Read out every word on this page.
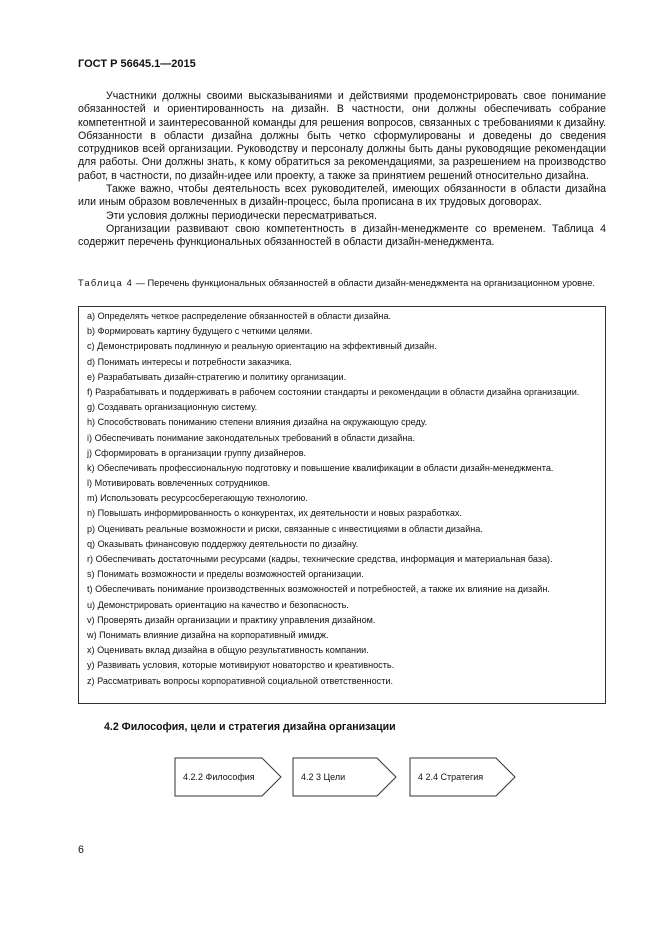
ГОСТ Р 56645.1—2015

Участники должны своими высказываниями и действиями продемонстрировать свое понимание обязанностей и ориентированность на дизайн. В частности, они должны обеспечивать собрание компетентной и заинтересованной команды для решения вопросов, связанных с требованиями к дизайну. Обязанности в области дизайна должны быть четко сформулированы и доведены до сведения сотрудников всей организации. Руководству и персоналу должны быть даны руководящие рекомендации для работы. Они должны знать, к кому обратиться за рекомендациями, за разрешением на производство работ, в частности, по дизайн-идее или проекту, а также за принятием решений относительно дизайна.

Также важно, чтобы деятельность всех руководителей, имеющих обязанности в области дизайна или иным образом вовлеченных в дизайн-процесс, была прописана в их трудовых договорах.

Эти условия должны периодически пересматриваться.

Организации развивают свою компетентность в дизайн-менеджменте со временем. Таблица 4 содержит перечень функциональных обязанностей в области дизайн-менеджмента.

Таблица 4 — Перечень функциональных обязанностей в области дизайн-менеджмента на организационном уровне.
a) Определять четкое распределение обязанностей в области дизайна.
b) Формировать картину будущего с четкими целями.
c) Демонстрировать подлинную и реальную ориентацию на эффективный дизайн.
d) Понимать интересы и потребности заказчика.
e) Разрабатывать дизайн-стратегию и политику организации.
f) Разрабатывать и поддерживать в рабочем состоянии стандарты и рекомендации в области дизайна организации.
g) Создавать организационную систему.
h) Способствовать пониманию степени влияния дизайна на окружающую среду.
i) Обеспечивать понимание законодательных требований в области дизайна.
j) Сформировать в организации группу дизайнеров.
k) Обеспечивать профессиональную подготовку и повышение квалификации в области дизайн-менеджмента.
l) Мотивировать вовлеченных сотрудников.
m) Использовать ресурсосберегающую технологию.
n) Повышать информированность о конкурентах, их деятельности и новых разработках.
p) Оценивать реальные возможности и риски, связанные с инвестициями в области дизайна.
q) Оказывать финансовую поддержку деятельности по дизайну.
r) Обеспечивать достаточными ресурсами (кадры, технические средства, информация и материальная база).
s) Понимать возможности и пределы возможностей организации.
t) Обеспечивать понимание производственных возможностей и потребностей, а также их влияние на дизайн.
u) Демонстрировать ориентацию на качество и безопасность.
v) Проверять дизайн организации и практику управления дизайном.
w) Понимать влияние дизайна на корпоративный имидж.
x) Оценивать вклад дизайна в общую результативность компании.
y) Развивать условия, которые мотивируют новаторство и креативность.
z) Рассматривать вопросы корпоративной социальной ответственности.
4.2 Философия, цели и стратегия дизайна организации
4.2.2 Философия	4.2 3 Цели	4 2.4 Стратегия
6
